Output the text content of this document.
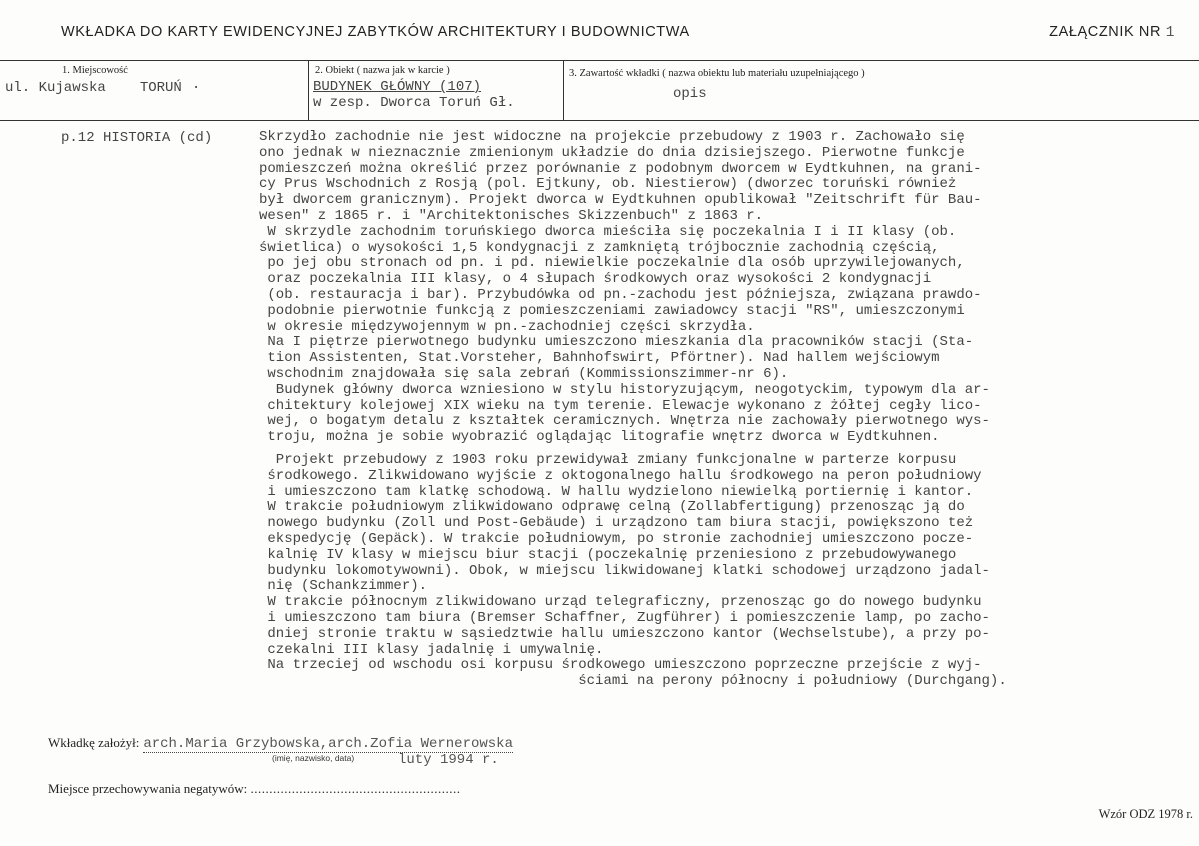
WKŁADKA DO KARTY EWIDENCYJNEJ ZABYTKÓW ARCHITEKTURY I BUDOWNICTWA	ZAŁĄCZNIK NR 1
1. Miejscowość
ul. Kujawska TORUŃ ·
2. Obiekt ( nazwa jak w karcie )
BUDYNEK GŁÓWNY (107)
w zesp. Dworca Toruń Gł.
3. Zawartość wkładki ( nazwa obiektu lub materiału uzupełniającego )
opis
p.12 HISTORIA (cd)	Skrzydło zachodnie nie jest widoczne na projekcie przebudowy z 1903 r. Zachowało się
ono jednak w nieznacznie zmienionym układzie do dnia dzisiejszego. Pierwotne funkcje
pomieszczeń można określić przez porównanie z podobnym dworcem w Eydtkuhnen, na grani-
cy Prus Wschodnich z Rosją (pol. Ejtkuny, ob. Niestierow) (dworzec toruński również
był dworcem granicznym). Projekt dworca w Eydtkuhnen opublikował "Zeitschrift für Bau-
wesen" z 1865 r. i "Architektonisches Skizzenbuch" z 1863 r.
W skrzydle zachodnim toruńskiego dworca mieściła się poczekalnia I i II klasy (ob.
świetlica) o wysokości 1,5 kondygnacji z zamkniętą trójbocznie zachodnią częścią,
po jej obu stronach od pn. i pd. niewielkie poczekalnie dla osób uprzywilejowanych,
oraz poczekalnia III klasy, o 4 słupach środkowych oraz wysokości 2 kondygnacji
(ob. restauracja i bar). Przybudówka od pn.-zachodu jest późniejsza, związana prawdo-
podobnie pierwotnie funkcją z pomieszczeniami zawiadowcy stacji "RS", umieszczonymi
w okresie międzywojennym w pn.-zachodniej części skrzydła.
Na I piętrze pierwotnego budynku umieszczono mieszkania dla pracowników stacji (Sta-
tion Assistenten, Stat.Vorsteher, Bahnhofswirt, Pförtner). Nad hallem wejściowym
wschodnim znajdowała się sala zebrań (Kommissionszimmer-nr 6).
Budynek główny dworca wzniesiono w stylu historyzującym, neogotyckim, typowym dla ar-
chitektury kolejowej XIX wieku na tym terenie. Elewacje wykonano z żółtej cegły lico-
wej, o bogatym detalu z kształtek ceramicznych. Wnętrza nie zachowały pierwotnego wys-
troju, można je sobie wyobrazić oglądając litografie wnętrz dworca w Eydtkuhnen.
Projekt przebudowy z 1903 roku przewidywał zmiany funkcjonalne w parterze korpusu
środkowego. Zlikwidowano wyjście z oktogonalnego hallu środkowego na peron południowy
i umieszczono tam klatkę schodową. W hallu wydzielono niewielką portiernię i kantor.
W trakcie południowym zlikwidowano odprawę celną (Zollabfertigung) przenosząc ją do
nowego budynku (Zoll und Post-Gebäude) i urządzono tam biura stacji, powiększono też
ekspedycję (Gepäck). W trakcie południowym, po stronie zachodniej umieszczono pocze-
kalnię IV klasy w miejscu biur stacji (poczekalnię przeniesiono z przebudowywanego
budynku lokomotywowni). Obok, w miejscu likwidowanej klatki schodowej urządzono jadal-
nię (Schankzimmer).
W trakcie północnym zlikwidowano urząd telegraficzny, przenosząc go do nowego budynku
i umieszczono tam biura (Bremser Schaffner, Zugführer) i pomieszczenie lamp, po zacho-
dniej stronie traktu w sąsiedztwie hallu umieszczono kantor (Wechselstube), a przy po-
czekalni III klasy jadalnię i umywalnię.
Na trzeciej od wschodu osi korpusu środkowego umieszczono poprzeczne przejście z wyj-
ściami na perony północny i południowy (Durchgang).
Wkładkę założył: arch.Maria Grzybowska,arch.Zofia Wernerowska
(imię, nazwisko, data)	luty 1994 r.
Miejsce przechowywania negatywów: ........................................................
Wzór ODZ 1978 r.
